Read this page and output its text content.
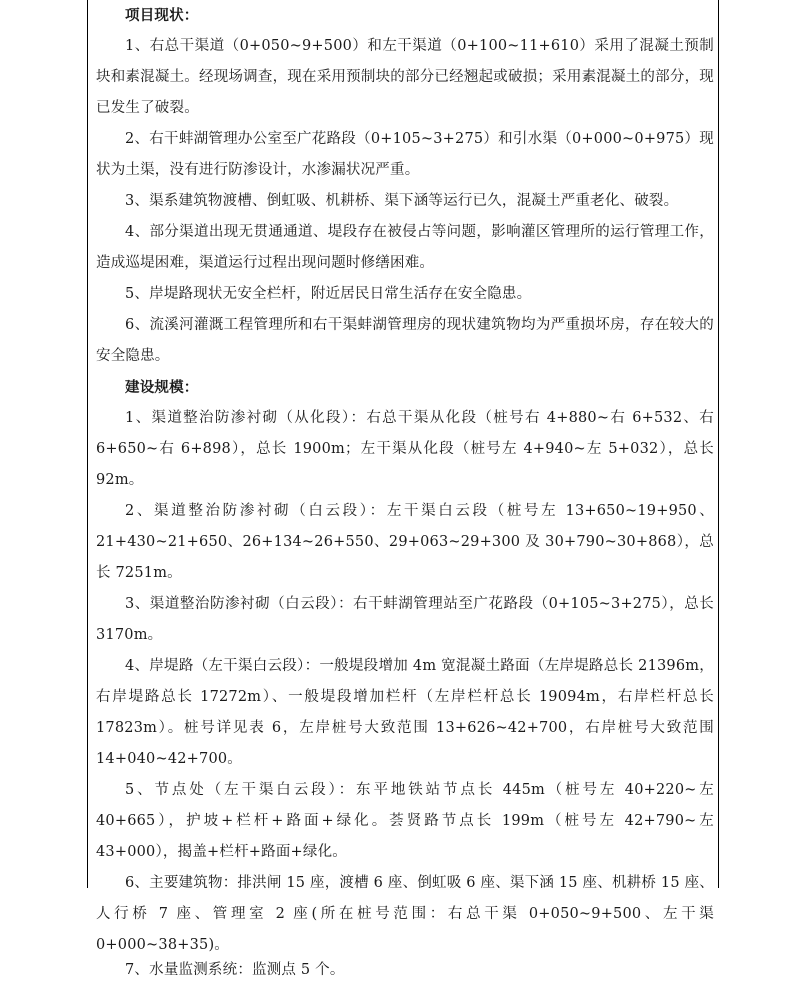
项目现状：

1、右总干渠道（0+050~9+500）和左干渠道（0+100~11+610）采用了混凝土预制块和素混凝土。经现场调查，现在采用预制块的部分已经翘起或破损；采用素混凝土的部分，现已发生了破裂。

2、右干蚌湖管理办公室至广花路段（0+105~3+275）和引水渠（0+000~0+975）现状为土渠，没有进行防渗设计，水渗漏状况严重。

3、渠系建筑物渡槽、倒虹吸、机耕桥、渠下涵等运行已久，混凝土严重老化、破裂。

4、部分渠道出现无贯通通道、堤段存在被侵占等问题，影响灌区管理所的运行管理工作，造成巡堤困难，渠道运行过程出现问题时修缮困难。

5、岸堤路现状无安全栏杆，附近居民日常生活存在安全隐患。

6、流溪河灌溉工程管理所和右干渠蚌湖管理房的现状建筑物均为严重损坏房，存在较大的安全隐患。

建设规模：

1、渠道整治防渗衬砌（从化段）：右总干渠从化段（桩号右 4+880~右 6+532、右 6+650~右 6+898），总长 1900m；左干渠从化段（桩号左 4+940~左 5+032），总长 92m。

2、渠道整治防渗衬砌（白云段）：左干渠白云段（桩号左 13+650~19+950、21+430~21+650、26+134~26+550、29+063~29+300 及 30+790~30+868），总长 7251m。

3、渠道整治防渗衬砌（白云段）：右干蚌湖管理站至广花路段（0+105~3+275），总长 3170m。

4、岸堤路（左干渠白云段）：一般堤段增加 4m 宽混凝土路面（左岸堤路总长 21396m，右岸堤路总长 17272m）、一般堤段增加栏杆（左岸栏杆总长 19094m，右岸栏杆总长 17823m）。桩号详见表 6，左岸桩号大致范围 13+626~42+700，右岸桩号大致范围 14+040~42+700。

5、节点处（左干渠白云段）：东平地铁站节点长 445m（桩号左 40+220~左 40+665），护坡+栏杆+路面+绿化。荟贤路节点长 199m（桩号左 42+790~左 43+000），揭盖+栏杆+路面+绿化。

6、主要建筑物：排洪闸 15 座，渡槽 6 座、倒虹吸 6 座、渠下涵 15 座、机耕桥 15 座、人行桥 7 座、管理室 2 座(所在桩号范围：右总干渠 0+050~9+500、左干渠 0+000~38+35)。

7、水量监测系统：监测点 5 个。
